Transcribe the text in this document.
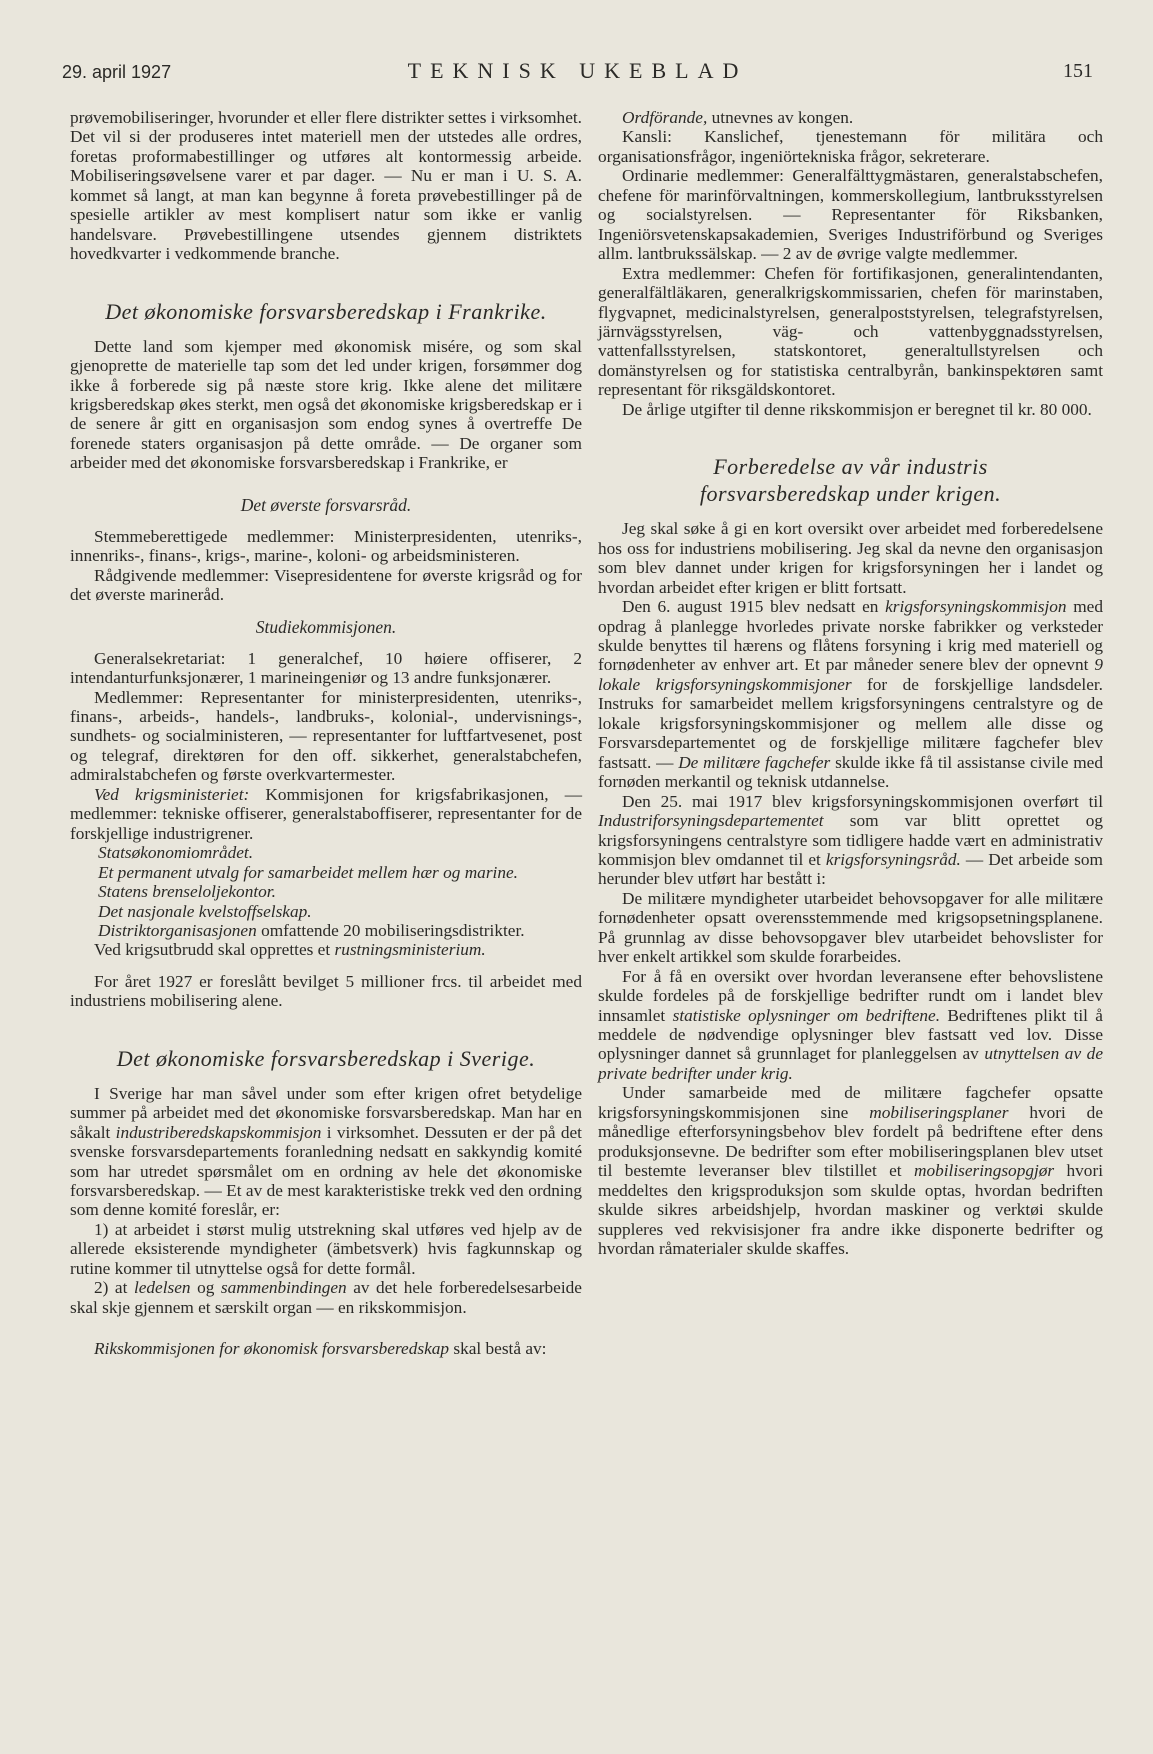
29. april 1927	TEKNISK UKEBLAD	151

prøvemobiliseringer, hvorunder et eller flere distrikter settes i virksomhet. Det vil si der produseres intet materiell men der utstedes alle ordres, foretas proformabestillinger og utføres alt kontormessig arbeide. Mobiliseringsøvelsene varer et par dager. — Nu er man i U. S. A. kommet så langt, at man kan begynne å foreta prøvebestillinger på de spesielle artikler av mest komplisert natur som ikke er vanlig handelsvare. Prøvebestillingene utsendes gjennem distriktets hovedkvarter i vedkommende branche.

Det økonomiske forsvarsberedskap i Frankrike.

Dette land som kjemper med økonomisk misére, og som skal gjenoprette de materielle tap som det led under krigen, forsømmer dog ikke å forberede sig på næste store krig. Ikke alene det militære krigsberedskap økes sterkt, men også det økonomiske krigsberedskap er i de senere år gitt en organisasjon som endog synes å overtreffe De forenede staters organisasjon på dette område. — De organer som arbeider med det økonomiske forsvarsberedskap i Frankrike, er

Det øverste forsvarsråd.

Stemmeberettigede medlemmer: Ministerpresidenten, utenriks-, innenriks-, finans-, krigs-, marine-, koloni- og arbeidsministeren.

Rådgivende medlemmer: Visepresidentene for øverste krigsråd og for det øverste marineråd.

Studiekommisjonen.

Generalsekretariat: 1 generalchef, 10 høiere offiserer, 2 intendanturfunksjonærer, 1 marineingeniør og 13 andre funksjonærer.

Medlemmer: Representanter for ministerpresidenten, utenriks-, finans-, arbeids-, handels-, landbruks-, kolonial-, undervisnings-, sundhets- og socialministeren, — representanter for luftfartvesenet, post og telegraf, direktøren for den off. sikkerhet, generalstabchefen, admiralstabchefen og første overkvartermester.

Ved krigsministeriet: Kommisjonen for krigsfabrikasjonen, — medlemmer: tekniske offiserer, generalstaboffiserer, representanter for de forskjellige industrigrener.

Statsøkonomiområdet.

Et permanent utvalg for samarbeidet mellem hær og marine.

Statens brenseloljekontor.

Det nasjonale kvelstoffselskap.

Distriktorganisasjonen omfattende 20 mobiliseringsdistrikter.

Ved krigsutbrudd skal opprettes et rustningsministerium.

For året 1927 er foreslått bevilget 5 millioner frcs. til arbeidet med industriens mobilisering alene.

Det økonomiske forsvarsberedskap i Sverige.

I Sverige har man såvel under som efter krigen ofret betydelige summer på arbeidet med det økonomiske forsvarsberedskap. Man har en såkalt industriberedskapskommisjon i virksomhet. Dessuten er der på det svenske forsvarsdepartements foranledning nedsatt en sakkyndig komité som har utredet spørsmålet om en ordning av hele det økonomiske forsvarsberedskap. — Et av de mest karakteristiske trekk ved den ordning som denne komité foreslår, er:

1) at arbeidet i størst mulig utstrekning skal utføres ved hjelp av de allerede eksisterende myndigheter (ämbetsverk) hvis fagkunnskap og rutine kommer til utnyttelse også for dette formål.

2) at ledelsen og sammenbindingen av det hele forberedelsesarbeide skal skje gjennem et særskilt organ — en rikskommisjon.

Rikskommisjonen for økonomisk forsvarsberedskap skal bestå av:

Ordförande, utnevnes av kongen.

Kansli: Kanslichef, tjenestemann för militära och organisationsfrågor, ingeniörtekniska frågor, sekreterare.

Ordinarie medlemmer: Generalfälttygmästaren, generalstabschefen, chefene för marinförvaltningen, kommerskollegium, lantbruksstyrelsen og socialstyrelsen. — Representanter för Riksbanken, Ingeniörsvetenskapsakademien, Sveriges Industriförbund og Sveriges allm. lantbrukssälskap. — 2 av de øvrige valgte medlemmer.

Extra medlemmer: Chefen för fortifikasjonen, generalintendanten, generalfältläkaren, generalkrigskommissarien, chefen för marinstaben, flygvapnet, medicinalstyrelsen, generalpoststyrelsen, telegrafstyrelsen, järnvägsstyrelsen, väg- och vattenbyggnadsstyrelsen, vattenfallsstyrelsen, statskontoret, generaltullstyrelsen och domänstyrelsen og for statistiska centralbyrån, bankinspektøren samt representant för riksgäldskontoret.

De årlige utgifter til denne rikskommisjon er beregnet til kr. 80 000.

Forberedelse av vår industris forsvarsberedskap under krigen.

Jeg skal søke å gi en kort oversikt over arbeidet med forberedelsene hos oss for industriens mobilisering. Jeg skal da nevne den organisasjon som blev dannet under krigen for krigsforsyningen her i landet og hvordan arbeidet efter krigen er blitt fortsatt.

Den 6. august 1915 blev nedsatt en krigsforsyningskommisjon med opdrag å planlegge hvorledes private norske fabrikker og verksteder skulde benyttes til hærens og flåtens forsyning i krig med materiell og fornødenheter av enhver art. Et par måneder senere blev der opnevnt 9 lokale krigsforsyningskommisjoner for de forskjellige landsdeler. Instruks for samarbeidet mellem krigsforsyningens centralstyre og de lokale krigsforsyningskommisjoner og mellem alle disse og Forsvarsdepartementet og de forskjellige militære fagchefer blev fastsatt. — De militære fagchefer skulde ikke få til assistanse civile med fornøden merkantil og teknisk utdannelse.

Den 25. mai 1917 blev krigsforsyningskommisjonen overført til Industriforsyningsdepartementet som var blitt oprettet og krigsforsyningens centralstyre som tidligere hadde vært en administrativ kommisjon blev omdannet til et krigsforsyningsråd. — Det arbeide som herunder blev utført har bestått i:

De militære myndigheter utarbeidet behovsopgaver for alle militære fornødenheter opsatt overensstemmende med krigsopsetningsplanene. På grunnlag av disse behovsopgaver blev utarbeidet behovslister for hver enkelt artikkel som skulde forarbeides.

For å få en oversikt over hvordan leveransene efter behovslistene skulde fordeles på de forskjellige bedrifter rundt om i landet blev innsamlet statistiske oplysninger om bedriftene. Bedriftenes plikt til å meddele de nødvendige oplysninger blev fastsatt ved lov. Disse oplysninger dannet så grunnlaget for planleggelsen av utnyttelsen av de private bedrifter under krig.

Under samarbeide med de militære fagchefer opsatte krigsforsyningskommisjonen sine mobiliseringsplaner hvori de månedlige efterforsyningsbehov blev fordelt på bedriftene efter dens produksjonsevne. De bedrifter som efter mobiliseringsplanen blev utset til bestemte leveranser blev tilstillet et mobiliseringsopgjør hvori meddeltes den krigsproduksjon som skulde optas, hvordan bedriften skulde sikres arbeidshjelp, hvordan maskiner og verktøi skulde suppleres ved rekvisisjoner fra andre ikke disponerte bedrifter og hvordan råmaterialer skulde skaffes.
